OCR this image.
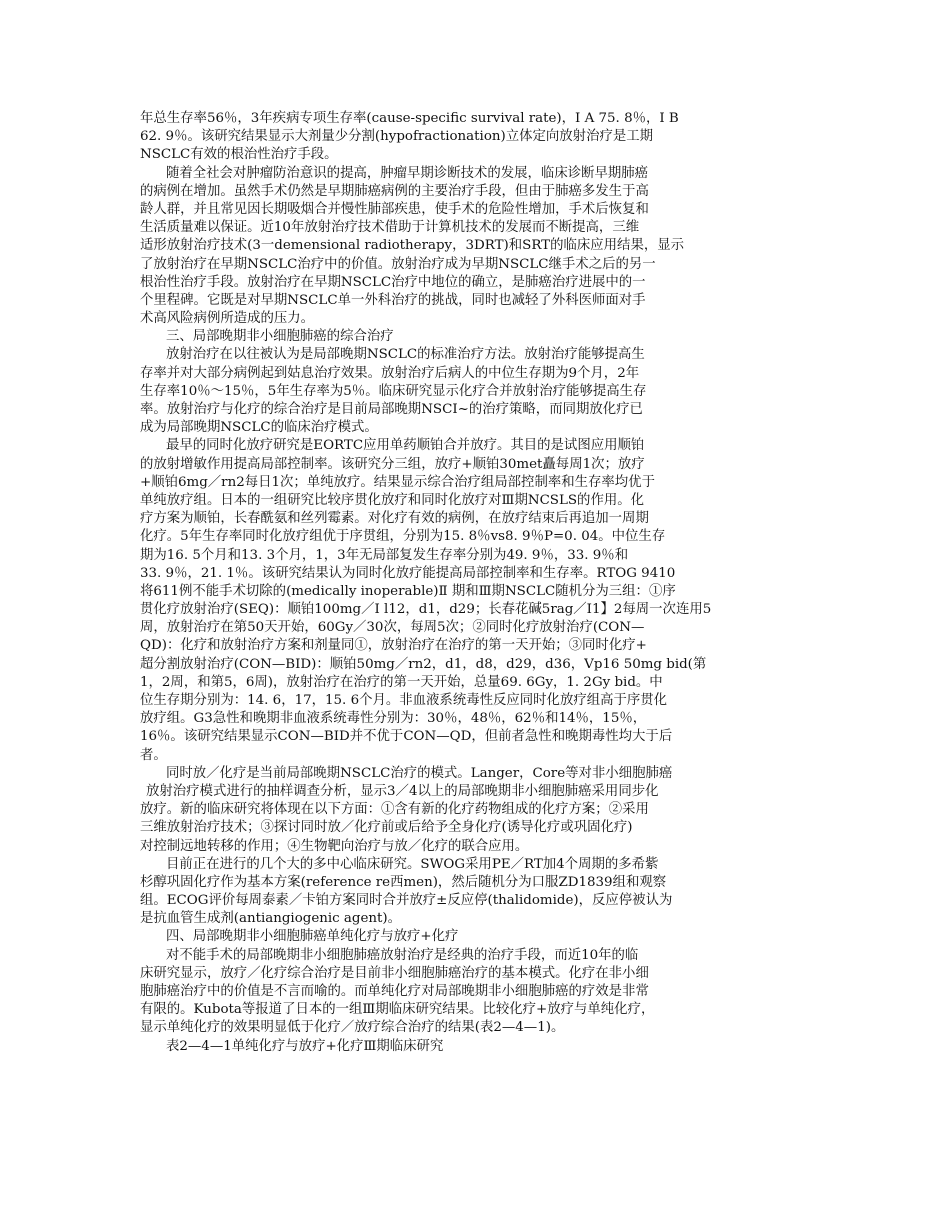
年总生存率56％，3年疾病专项生存率(cause-specific survival rate)，I A 75. 8％，I B
62. 9％。该研究结果显示大剂量少分割(hypofractionation)立体定向放射治疗是工期
NSCLC有效的根治性治疗手段。
随着全社会对肿瘤防治意识的提高，肿瘤早期诊断技术的发展，临床诊断早期肺癌
的病例在增加。虽然手术仍然是早期肺癌病例的主要治疗手段，但由于肺癌多发生于高
龄人群，并且常见因长期吸烟合并慢性肺部疾患，使手术的危险性增加，手术后恢复和
生活质量难以保证。近10年放射治疗技术借助于计算机技术的发展而不断提高，三维
适形放射治疗技术(3一demensional radiotherapy，3DRT)和SRT的临床应用结果，显示
了放射治疗在早期NSCLC治疗中的价值。放射治疗成为早期NSCLC继手术之后的另一
根治性治疗手段。放射治疗在早期NSCLC治疗中地位的确立，是肺癌治疗进展中的一
个里程碑。它既是对早期NSCLC单一外科治疗的挑战，同时也减轻了外科医师面对手
术高风险病例所造成的压力。
三、局部晚期非小细胞肺癌的综合治疗
放射治疗在以往被认为是局部晚期NSCLC的标准治疗方法。放射治疗能够提高生
存率并对大部分病例起到姑息治疗效果。放射治疗后病人的中位生存期为9个月，2年
生存率10％～15％，5年生存率为5％。临床研究显示化疗合并放射治疗能够提高生存
率。放射治疗与化疗的综合治疗是目前局部晚期NSCI~的治疗策略，而同期放化疗已
成为局部晚期NSCLC的临床治疗模式。
最早的同时化放疗研究是EORTC应用单药顺铂合并放疗。其目的是试图应用顺铂
的放射增敏作用提高局部控制率。该研究分三组，放疗+顺铂30met矗每周1次；放疗
+顺铂6mg／rn2每日1次；单纯放疗。结果显示综合治疗组局部控制率和生存率均优于
单纯放疗组。日本的一组研究比较序贯化放疗和同时化放疗对Ⅲ期NCSLS的作用。化
疗方案为顺铂，长春酰氨和丝列霉素。对化疗有效的病例，在放疗结束后再追加一周期
化疗。5年生存率同时化放疗组优于序贯组，分别为15. 8％vs8. 9％P=0. 04。中位生存
期为16. 5个月和13. 3个月，1，3年无局部复发生存率分别为49. 9％，33. 9％和
33. 9％，21. 1％。该研究结果认为同时化放疗能提高局部控制率和生存率。RTOG 9410
将611例不能手术切除的(medically inoperable)Ⅱ 期和Ⅲ期NSCLC随机分为三组：①序
贯化疗放射治疗(SEQ)：顺铂100mg／I l12，d1，d29；长春花碱5rag／I1】2每周一次连用5
周，放射治疗在第50天开始，60Gy／30次，每周5次；②同时化疗放射治疗(CON—
QD)：化疗和放射治疗方案和剂量同①，放射治疗在治疗的第一天开始；③同时化疗+
超分割放射治疗(CON—BID)：顺铂50mg／rn2，d1，d8，d29，d36，Vp16 50mg bid(第
1，2周，和第5，6周)，放射治疗在治疗的第一天开始，总量69. 6Gy，1. 2Gy bid。中
位生存期分别为：14. 6，17，15. 6个月。非血液系统毒性反应同时化放疗组高于序贯化
放疗组。G3急性和晚期非血液系统毒性分别为：30％，48％，62％和14％，15％，
16％。该研究结果显示CON—BID并不优于CON—QD，但前者急性和晚期毒性均大于后
者。
同时放／化疗是当前局部晚期NSCLC治疗的模式。Langer，Core等对非小细胞肺癌
放射治疗模式进行的抽样调查分析，显示3／4以上的局部晚期非小细胞肺癌采用同步化
放疗。新的临床研究将体现在以下方面：①含有新的化疗药物组成的化疗方案；②采用
三维放射治疗技术；③探讨同时放／化疗前或后给予全身化疗(诱导化疗或巩固化疗)
对控制远地转移的作用；④生物靶向治疗与放／化疗的联合应用。
目前正在进行的几个大的多中心临床研究。SWOG采用PE／RT加4个周期的多希紫
杉醇巩固化疗作为基本方案(reference re西men)，然后随机分为口服ZD1839组和观察
组。ECOG评价每周泰素／卡铂方案同时合并放疗±反应停(thalidomide)，反应停被认为
是抗血管生成剂(antiangiogenic agent)。
四、局部晚期非小细胞肺癌单纯化疗与放疗+化疗
对不能手术的局部晚期非小细胞肺癌放射治疗是经典的治疗手段，而近10年的临
床研究显示，放疗／化疗综合治疗是目前非小细胞肺癌治疗的基本模式。化疗在非小细
胞肺癌治疗中的价值是不言而喻的。而单纯化疗对局部晚期非小细胞肺癌的疗效是非常
有限的。Kubota等报道了日本的一组Ⅲ期临床研究结果。比较化疗+放疗与单纯化疗，
显示单纯化疗的效果明显低于化疗／放疗综合治疗的结果(表2—4—1)。
表2—4—1单纯化疗与放疗+化疗Ⅲ期临床研究
